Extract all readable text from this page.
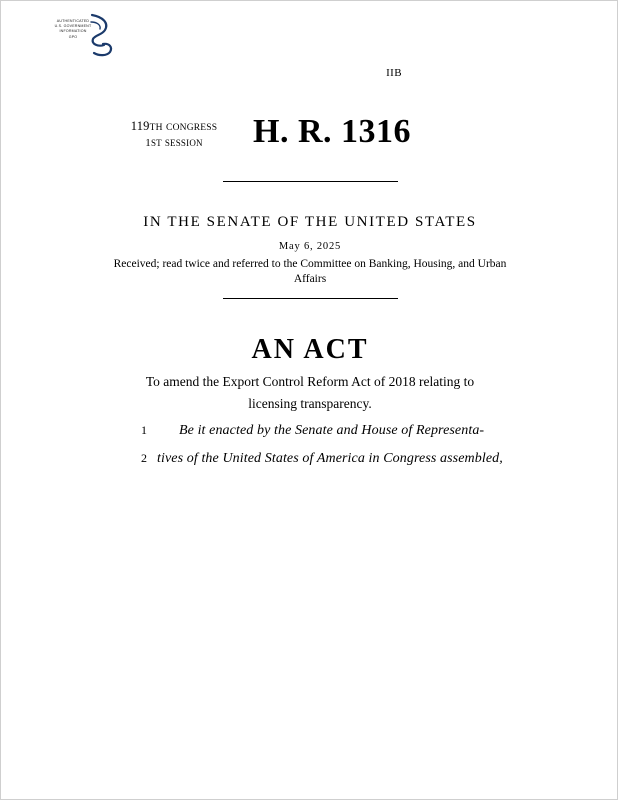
AUTHENTICATED
U.S. GOVERNMENT
INFORMATION
GPO
IIB
119TH CONGRESS
1ST SESSION	H. R. 1316
IN THE SENATE OF THE UNITED STATES
May 6, 2025
Received; read twice and referred to the Committee on Banking, Housing, and Urban Affairs
AN ACT
To amend the Export Control Reform Act of 2018 relating to licensing transparency.
1	Be it enacted by the Senate and House of Representa-
2 tives of the United States of America in Congress assembled,
